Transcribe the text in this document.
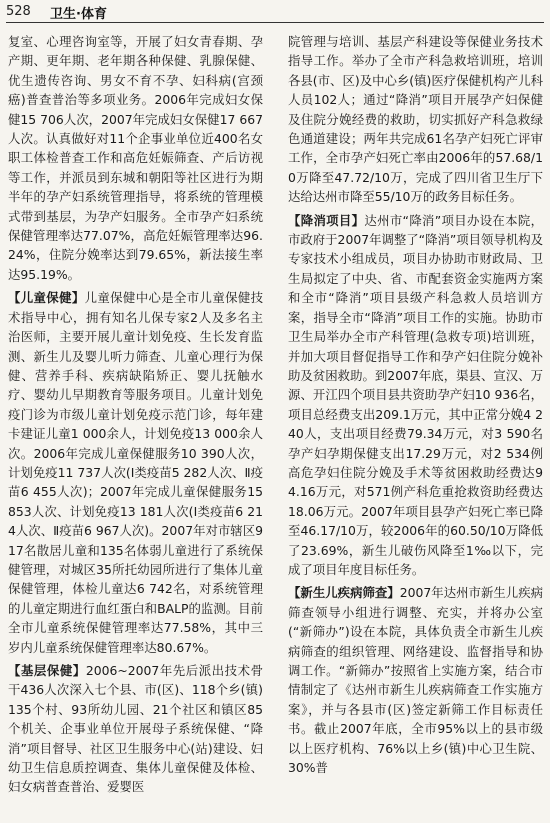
528 卫生·体育

复室、心理咨询室等，开展了妇女青春期、孕产期、更年期、老年期各种保健、乳腺保健、优生遗传咨询、男女不育不孕、妇科病(宫颈癌)普查普治等多项业务。2006年完成妇女保健15 706人次，2007年完成妇女保健17 667人次。认真做好对11个企事业单位近400名女职工体检普查工作和高危妊娠筛查、产后访视等工作，并派员到东城和朝阳等社区进行为期半年的孕产妇系统管理指导，将系统的管理模式带到基层，为孕产妇服务。全市孕产妇系统保健管理率达77.07%，高危妊娠管理率达96.24%，住院分娩率达到79.65%，新法接生率达95.19%。

【儿童保健】儿童保健中心是全市儿童保健技术指导中心，拥有知名儿保专家2人及多名主治医师，主要开展儿童计划免疫、生长发育监测、新生儿及婴儿听力筛查、儿童心理行为保健、营养手科、疾病缺陷矫正、婴儿抚触水疗、婴幼儿早期教育等服务项目。儿童计划免疫门诊为市级儿童计划免疫示范门诊，每年建卡建证儿童1 000余人，计划免疫13 000余人次。2006年完成儿童保健服务10 390人次，计划免疫11 737人次(Ⅰ类疫苗5 282人次、Ⅱ疫苗6 455人次)；2007年完成儿童保健服务15 853人次、计划免疫13 181人次(Ⅰ类疫苗6 214人次、Ⅱ疫苗6 967人次)。2007年对市辖区917名散居儿童和135名体弱儿童进行了系统保健管理，对城区35所托幼园所进行了集体儿童保健管理，体检儿童达6 742名，对系统管理的儿童定期进行血红蛋白和BALP的监测。目前全市儿童系统保健管理率达77.58%，其中三岁内儿童系统保健管理率达80.67%。

【基层保健】2006~2007年先后派出技术骨干436人次深入七个县、市(区)、118个乡(镇)135个村、93所幼儿园、21个社区和镇区85个机关、企事业单位开展母子系统保健、“降消”项目督导、社区卫生服务中心(站)建设、妇幼卫生信息质控调查、集体儿童保健及体检、妇女病普查普治、爱婴医

院管理与培训、基层产科建设等保健业务技术指导工作。举办了全市产科急救培训班，培训各县(市、区)及中心乡(镇)医疗保健机构产儿科人员102人；通过“降消”项目开展孕产妇保健及住院分娩经费的救助，切实抓好产科急救绿色通道建设；两年共完成61名孕产妇死亡评审工作，全市孕产妇死亡率由2006年的57.68/10万降至47.72/10万，完成了四川省卫生厅下达给达州市降至55/10万的政务目标任务。

【降消项目】达州市“降消”项目办设在本院，市政府于2007年调整了“降消”项目领导机构及专家技术小组成员，项目办协助市财政局、卫生局拟定了中央、省、市配套资金实施两方案和全市“降消”项目县级产科急救人员培训方案，指导全市“降消”项目工作的实施。协助市卫生局举办全市产科管理(急救专项)培训班，并加大项目督促指导工作和孕产妇住院分娩补助及贫困救助。到2007年底，渠县、宣汉、万源、开江四个项目县共资助孕产妇10 936名，项目总经费支出209.1万元，其中正常分娩4 240人，支出项目经费79.34万元，对3 590名孕产妇孕期保健支出17.29万元，对2 534例高危孕妇住院分娩及手术等贫困救助经费达94.16万元，对571例产科危重抢救资助经费达18.06万元。2007年项目县孕产妇死亡率已降至46.17/10万，较2006年的60.50/10万降低了23.69%，新生儿破伤风降至1‰以下，完成了项目年度目标任务。

【新生儿疾病筛查】2007年达州市新生儿疾病筛查领导小组进行调整、充实，并将办公室(“新筛办”)设在本院，具体负责全市新生儿疾病筛查的组织管理、网络建设、监督指导和协调工作。“新筛办”按照省上实施方案，结合市情制定了《达州市新生儿疾病筛查工作实施方案》，并与各县市(区)签定新筛工作目标责任书。截止2007年底，全市95%以上的县市级以上医疗机构、76%以上乡(镇)中心卫生院、30%普
